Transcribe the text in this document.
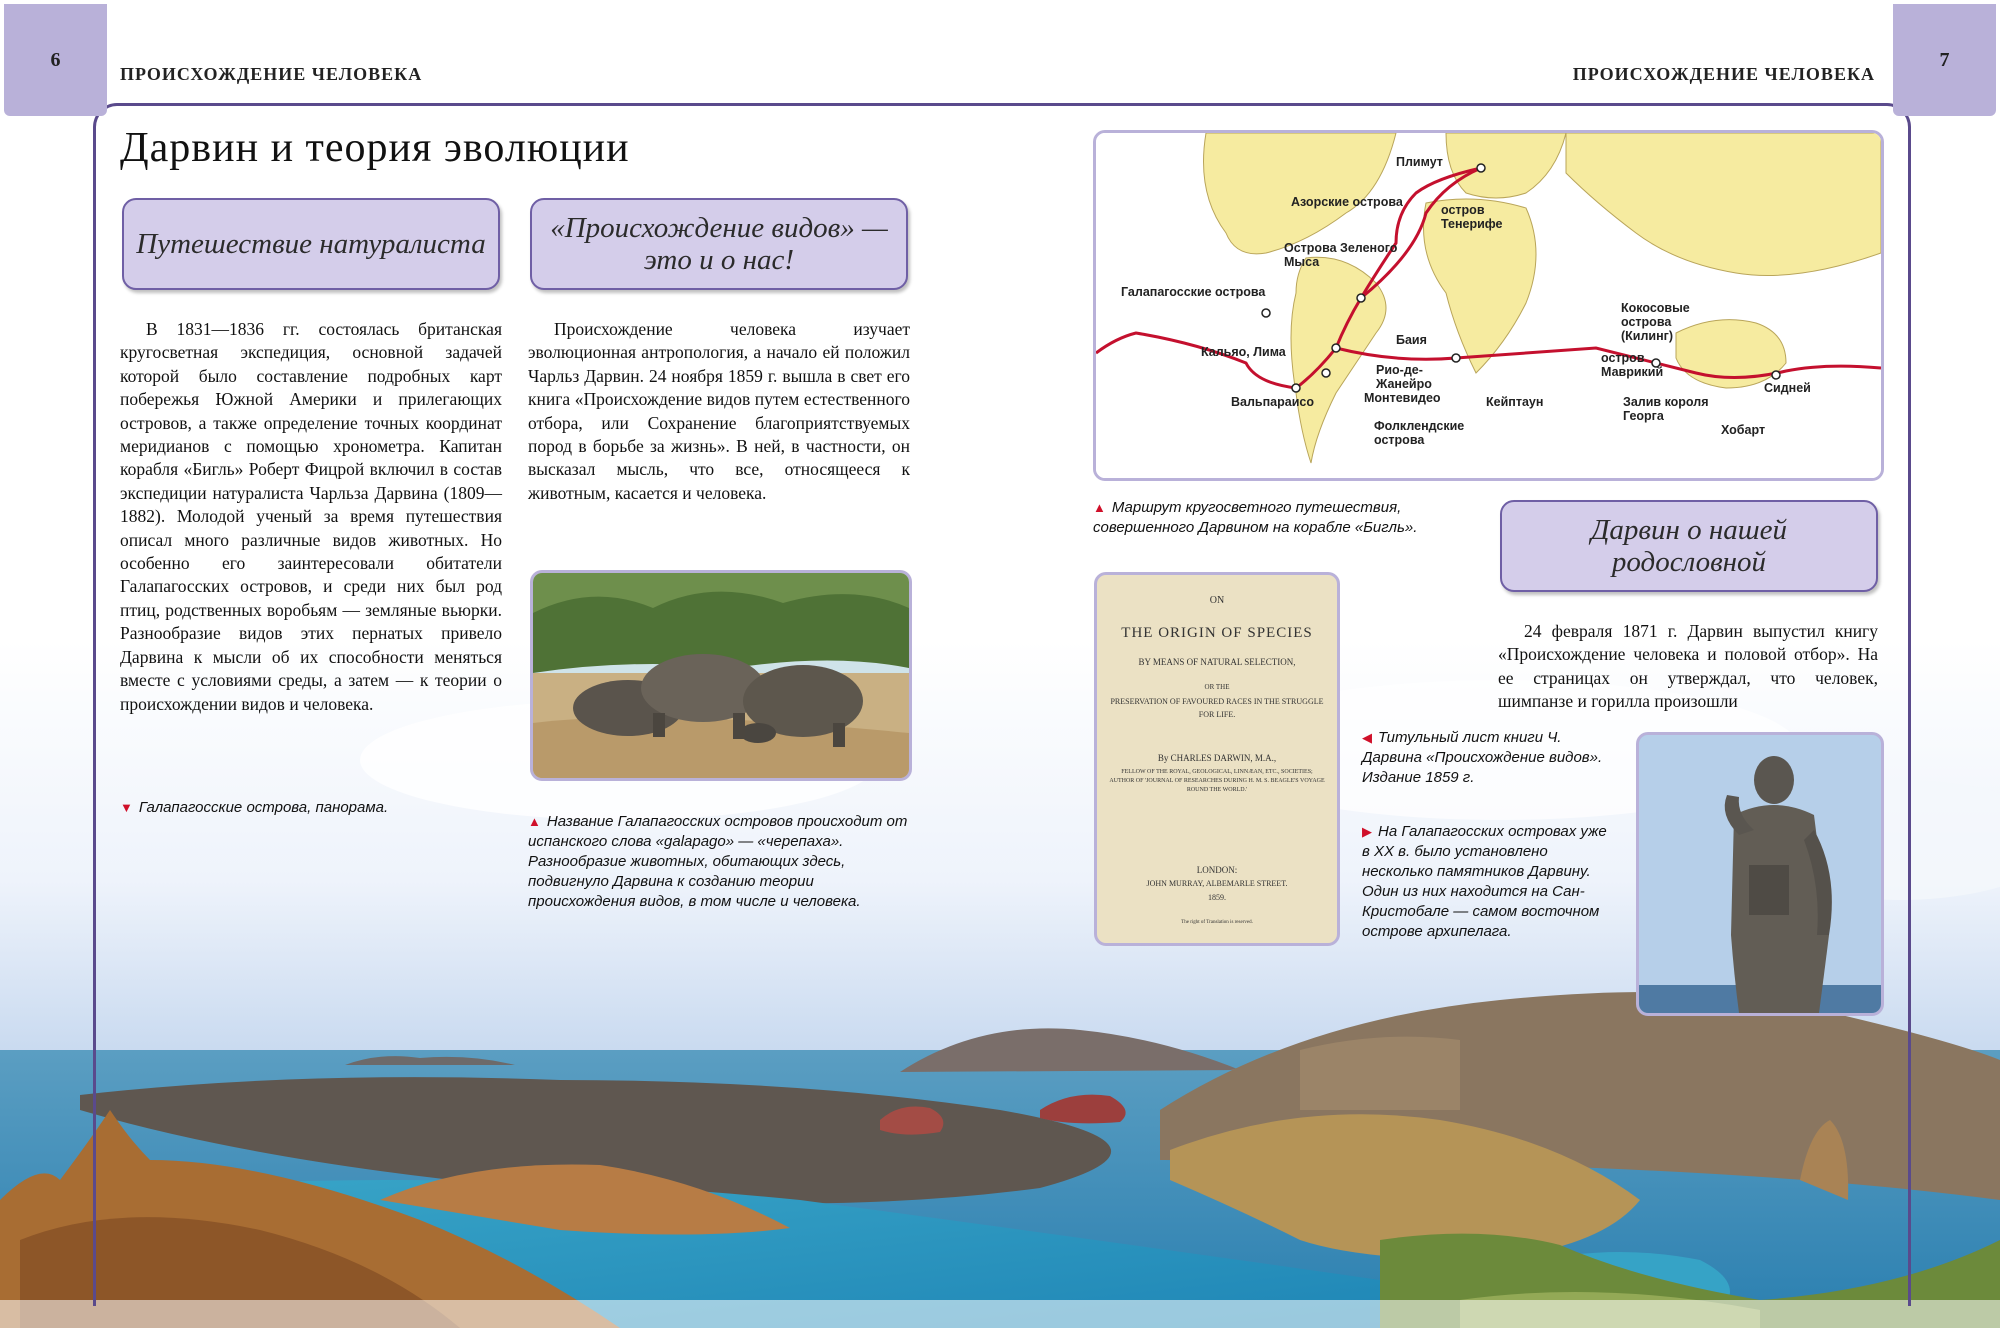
6
ПРОИСХОЖДЕНИЕ ЧЕЛОВЕКА	ПРОИСХОЖДЕНИЕ ЧЕЛОВЕКА
7
Дарвин и теория эволюции
Путешествие натуралиста
В 1831—1836 гг. состоялась британская кругосветная экспедиция, основной задачей которой было составление подробных карт побережья Южной Америки и прилегающих островов, а также определение точных координат меридианов с помощью хронометра. Капитан корабля «Бигль» Роберт Фицрой включил в состав экспедиции натуралиста Чарльза Дарвина (1809—1882). Молодой ученый за время путешествия описал много различные видов животных. Но особенно его заинтересовали обитатели Галапагосских островов, и среди них был род птиц, родственных воробьям — земляные вьюрки. Разнообразие видов этих пернатых привело Дарвина к мысли об их способности меняться вместе с условиями среды, а затем — к теории о происхождении видов и человека.
▼ Галапагосские острова, панорама.
«Происхождение видов» — это и о нас!
Происхождение человека изучает эволюционная антропология, а начало ей положил Чарльз Дарвин. 24 ноября 1859 г. вышла в свет его книга «Происхождение видов путем естественного отбора, или Сохранение благоприятствуемых пород в борьбе за жизнь». В ней, в частности, он высказал мысль, что все, относящееся к животным, касается и человека.
▲ Название Галапагосских островов происходит от испанского слова «galapago» — «черепаха». Разнообразие животных, обитающих здесь, подвигнуло Дарвина к созданию теории происхождения видов, в том числе и человека.
Плимут
Азорские острова
остров
Тенерифе
Острова Зеленого
Мыса
Галапагосские острова
Кальяо, Лима
Баия
Рио-де-
Жанейро
Монтевидео
Вальпараисо
Фолклендские
острова
Кейптаун
Кокосовые
острова
(Килинг)
остров
Маврикий
Залив короля
Георга
Сидней
Хобарт
▲ Маршрут кругосветного путешествия, совершенного Дарвином на корабле «Бигль».	Дарвин о нашей родословной
24 февраля 1871 г. Дарвин выпустил книгу «Происхождение человека и половой отбор». На ее страницах он утверждал, что человек, шимпанзе и горилла произошли
ON
THE ORIGIN OF SPECIES
BY MEANS OF NATURAL SELECTION,
OR THE
PRESERVATION OF FAVOURED RACES IN THE STRUGGLE
FOR LIFE.
By CHARLES DARWIN, M.A.,
FELLOW OF THE ROYAL, GEOLOGICAL, LINNÆAN, ETC., SOCIETIES;
AUTHOR OF 'JOURNAL OF RESEARCHES DURING H. M. S. BEAGLE'S VOYAGE
ROUND THE WORLD.'
LONDON:
JOHN MURRAY, ALBEMARLE STREET.
1859.
The right of Translation is reserved.
◀ Титульный лист книги Ч. Дарвина «Происхождение видов». Издание 1859 г.
▶ На Галапагосских островах уже в XX в. было установлено несколько памятников Дарвину. Один из них находится на Сан-Кристобале — самом восточном острове архипелага.
